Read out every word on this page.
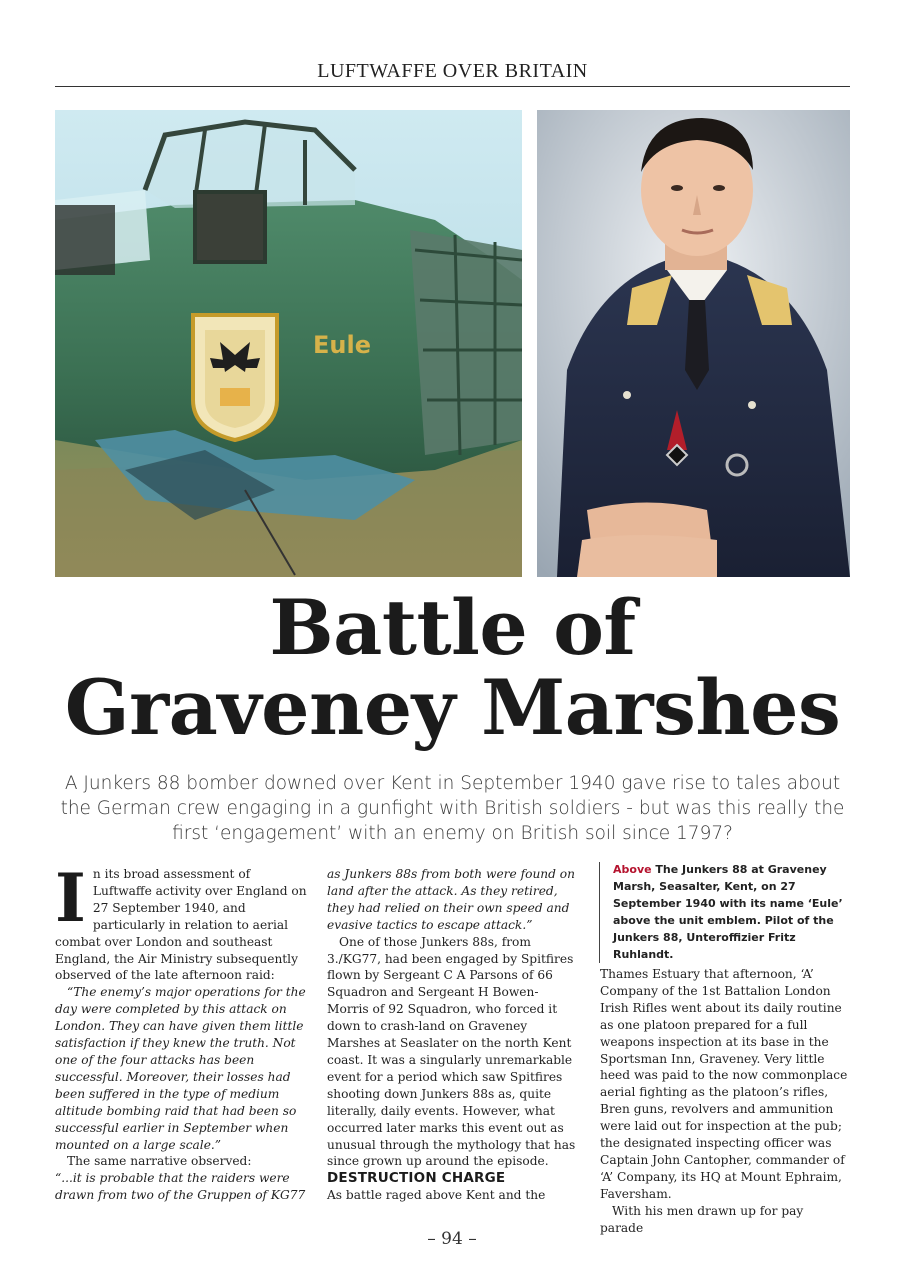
LUFTWAFFE OVER BRITAIN
Eule
Battle of
Graveney Marshes

A Junkers 88 bomber downed over Kent in September 1940 gave rise to tales about the German crew engaging in a gunfight with British soldiers - but was this really the first ‘engagement’ with an enemy on British soil since 1797?

In its broad assessment of Luftwaffe activity over England on 27 September 1940, and particularly in relation to aerial combat over London and southeast England, the Air Ministry subsequently observed of the late afternoon raid:

“The enemy’s major operations for the day were completed by this attack on London. They can have given them little satisfaction if they knew the truth. Not one of the four attacks has been successful. Moreover, their losses had been suffered in the type of medium altitude bombing raid that had been so successful earlier in September when mounted on a large scale.”

The same narrative observed:

“...it is probable that the raiders were drawn from two of the Gruppen of KG77

as Junkers 88s from both were found on land after the attack. As they retired, they had relied on their own speed and evasive tactics to escape attack.”

One of those Junkers 88s, from 3./KG77, had been engaged by Spitfires flown by Sergeant C A Parsons of 66 Squadron and Sergeant H Bowen-Morris of 92 Squadron, who forced it down to crash-land on Graveney Marshes at Seaslater on the north Kent coast. It was a singularly unremarkable event for a period which saw Spitfires shooting down Junkers 88s as, quite literally, daily events. However, what occurred later marks this event out as unusual through the mythology that has since grown up around the episode.

DESTRUCTION CHARGE

As battle raged above Kent and the

Above The Junkers 88 at Graveney Marsh, Seasalter, Kent, on 27 September 1940 with its name ‘Eule’ above the unit emblem. Pilot of the Junkers 88, Unteroffizier Fritz Ruhlandt.

Thames Estuary that afternoon, ‘A’ Company of the 1st Battalion London Irish Rifles went about its daily routine as one platoon prepared for a full weapons inspection at its base in the Sportsman Inn, Graveney. Very little heed was paid to the now commonplace aerial fighting as the platoon’s rifles, Bren guns, revolvers and ammunition were laid out for inspection at the pub; the designated inspecting officer was Captain John Cantopher, commander of ‘A’ Company, its HQ at Mount Ephraim, Faversham.

With his men drawn up for pay parade

– 94 –
